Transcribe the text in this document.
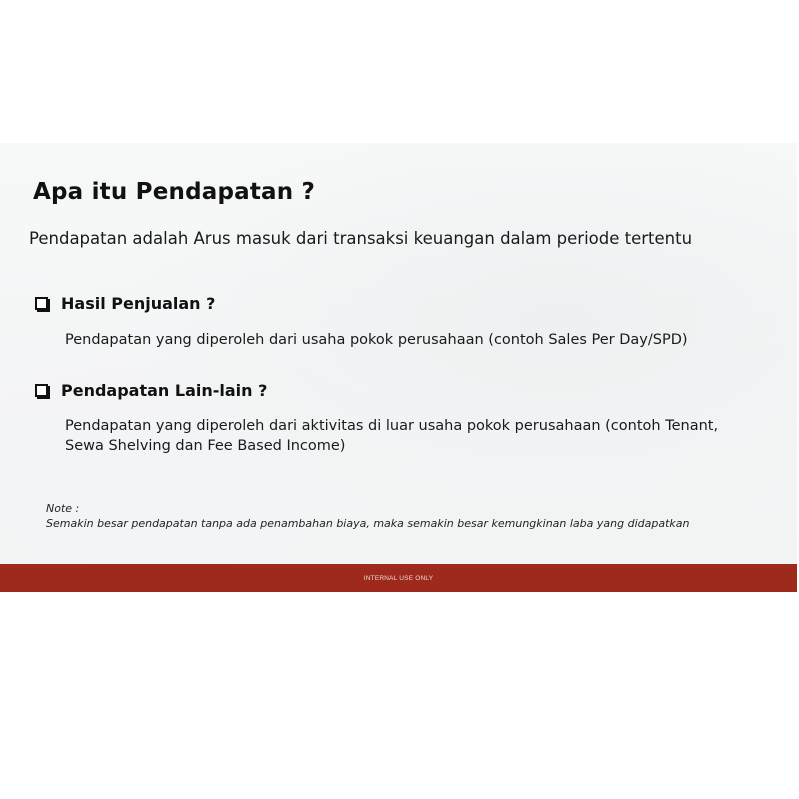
Apa itu Pendapatan ?
Pendapatan adalah Arus masuk dari transaksi keuangan dalam periode tertentu
Hasil Penjualan ?
Pendapatan yang diperoleh dari usaha pokok perusahaan (contoh Sales Per Day/SPD)
Pendapatan Lain-lain ?
Pendapatan yang diperoleh dari aktivitas di luar usaha pokok perusahaan (contoh Tenant, Sewa Shelving dan Fee Based Income)
Note :
Semakin besar pendapatan tanpa ada penambahan biaya, maka semakin besar kemungkinan laba yang didapatkan
INTERNAL USE ONLY
